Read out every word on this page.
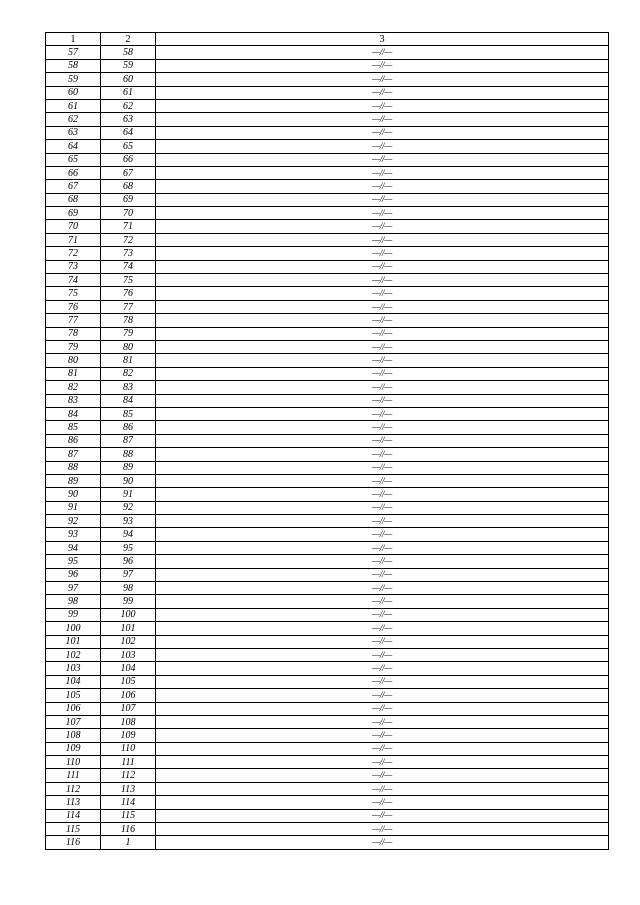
1	2	3
57	58	—//—
58	59	—//—
59	60	—//—
60	61	—//—
61	62	—//—
62	63	—//—
63	64	—//—
64	65	—//—
65	66	—//—
66	67	—//—
67	68	—//—
68	69	—//—
69	70	—//—
70	71	—//—
71	72	—//—
72	73	—//—
73	74	—//—
74	75	—//—
75	76	—//—
76	77	—//—
77	78	—//—
78	79	—//—
79	80	—//—
80	81	—//—
81	82	—//—
82	83	—//—
83	84	—//—
84	85	—//—
85	86	—//—
86	87	—//—
87	88	—//—
88	89	—//—
89	90	—//—
90	91	—//—
91	92	—//—
92	93	—//—
93	94	—//—
94	95	—//—
95	96	—//—
96	97	—//—
97	98	—//—
98	99	—//—
99	100	—//—
100	101	—//—
101	102	—//—
102	103	—//—
103	104	—//—
104	105	—//—
105	106	—//—
106	107	—//—
107	108	—//—
108	109	—//—
109	110	—//—
110	111	—//—
111	112	—//—
112	113	—//—
113	114	—//—
114	115	—//—
115	116	—//—
116	1	—//—
